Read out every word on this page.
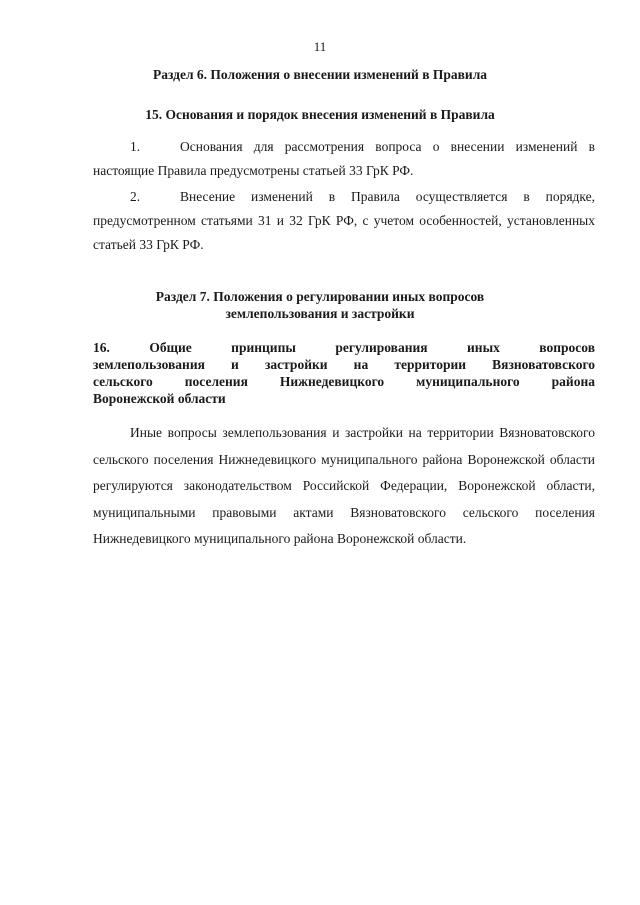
11
Раздел 6. Положения о внесении изменений в Правила
15. Основания и порядок внесения изменений в Правила
1.	Основания для рассмотрения вопроса о внесении изменений в настоящие Правила предусмотрены статьей 33 ГрК РФ.
2.	Внесение изменений в Правила осуществляется в порядке, предусмотренном статьями 31 и 32 ГрК РФ, с учетом особенностей, установленных статьей 33 ГрК РФ.
Раздел 7. Положения о регулировании иных вопросов
землепользования и застройки
16. Общие принципы регулирования иных вопросов
землепользования и застройки на территории Вязноватовского
сельского поселения Нижнедевицкого муниципального района
Воронежской области
Иные вопросы землепользования и застройки на территории Вязноватовского сельского поселения Нижнедевицкого муниципального района Воронежской области регулируются законодательством Российской Федерации, Воронежской области, муниципальными правовыми актами Вязноватовского сельского поселения Нижнедевицкого муниципального района Воронежской области.
